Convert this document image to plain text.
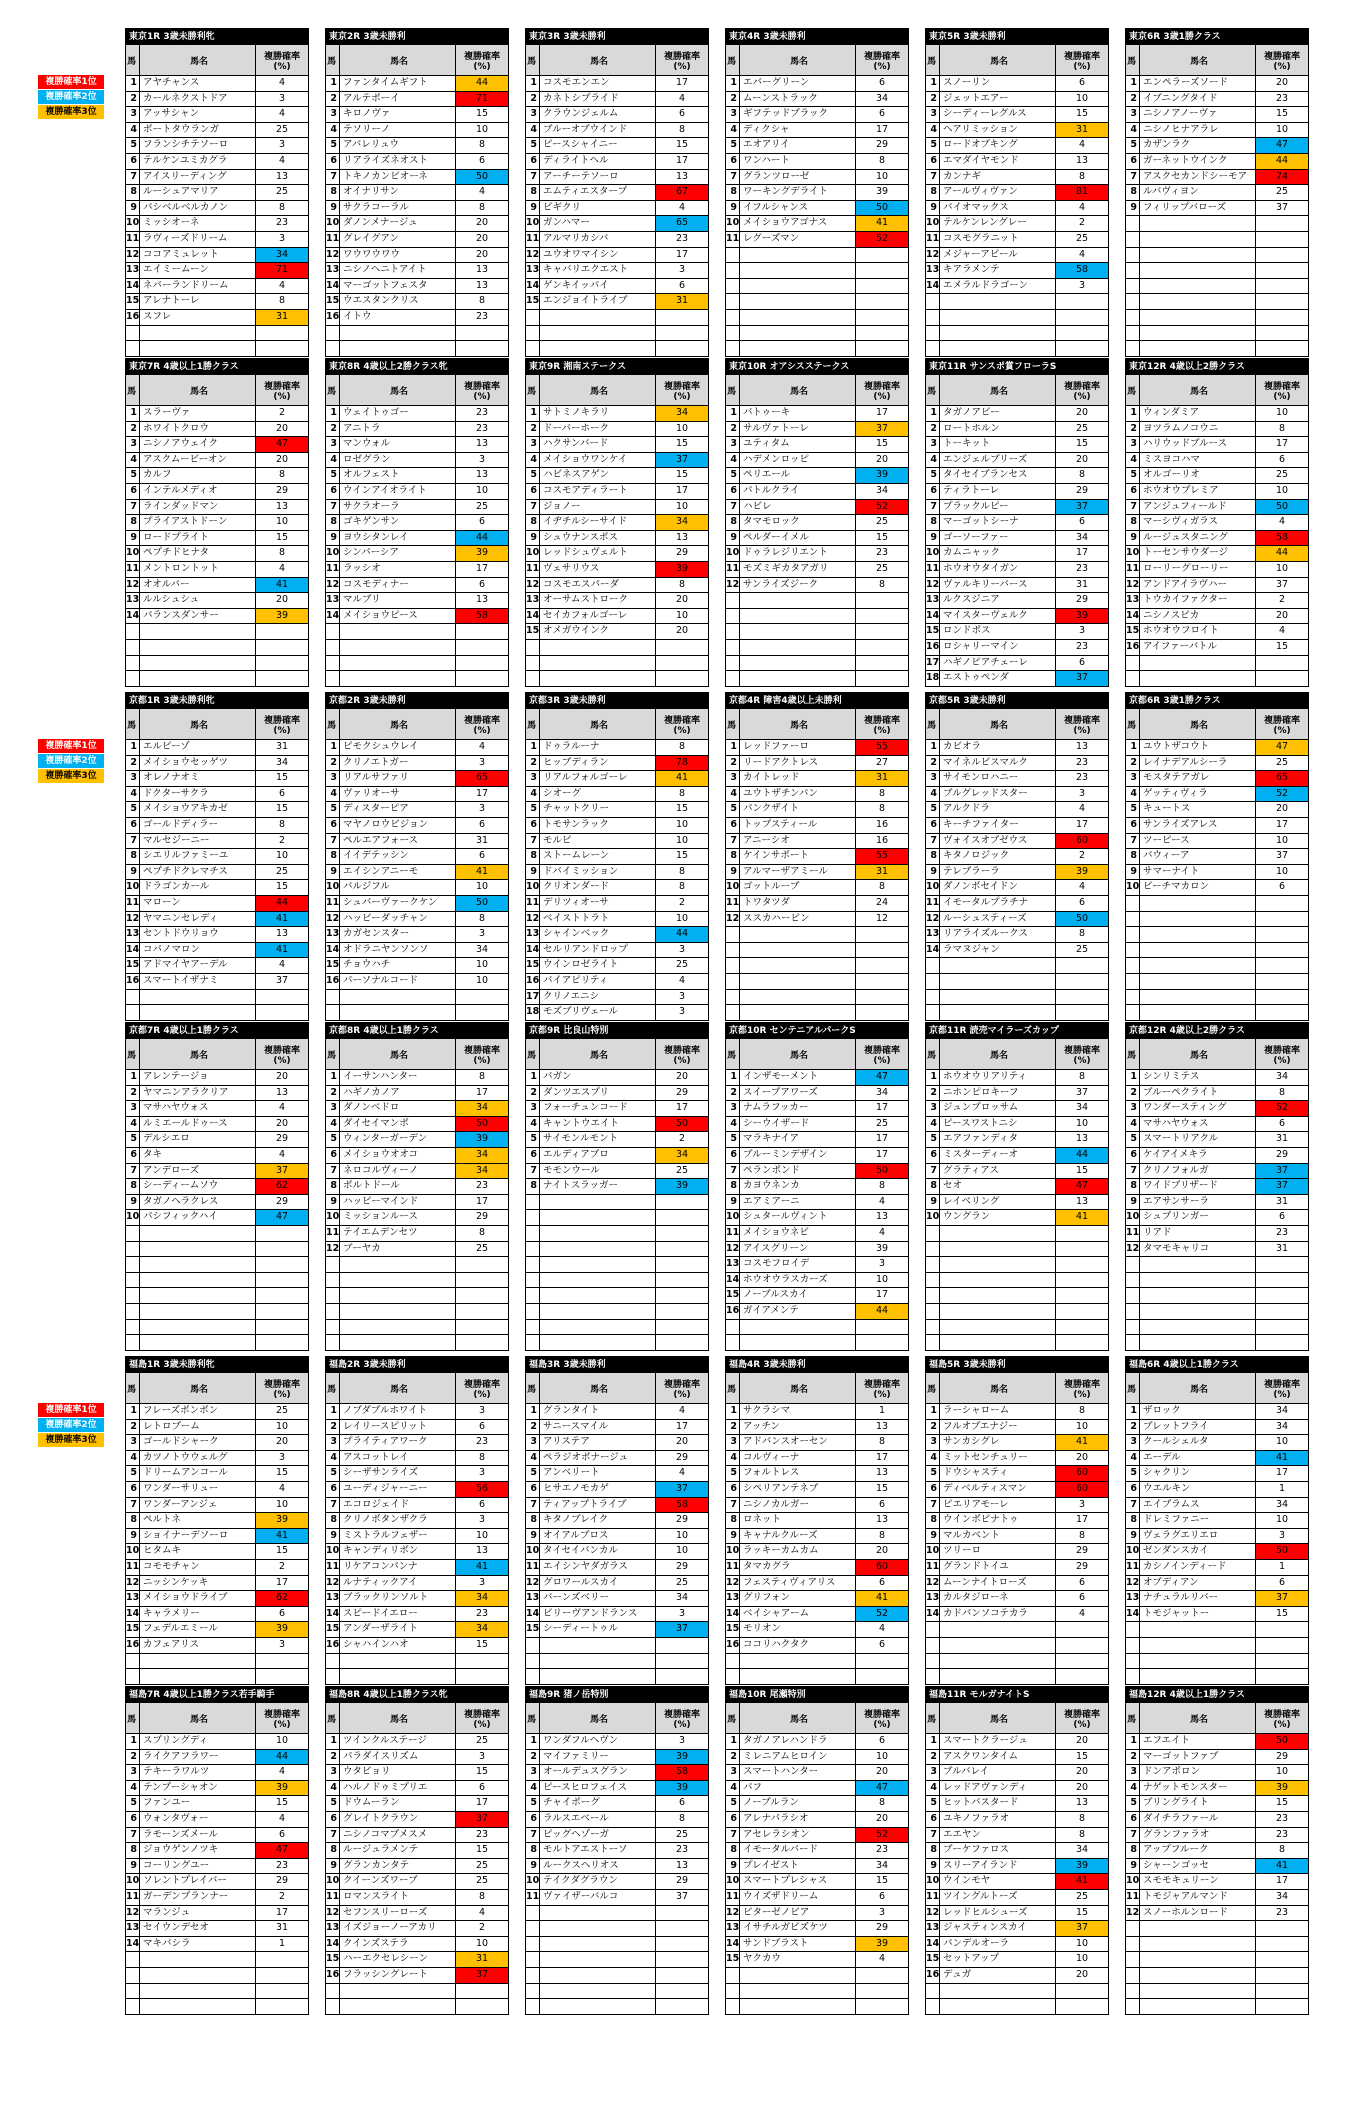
複勝確率1位
複勝確率2位
複勝確率3位
複勝確率1位
複勝確率2位
複勝確率3位
複勝確率1位
複勝確率2位
複勝確率3位
東京1R 3歳未勝利牝
馬	馬名	複勝確率
(%)
1 アヤチャンス	4
2 カールネクストドア	3
3 アッサシャン	4
4 ボートタウランガ	25
5 フランシチテソーロ	3
6 テルケンユミカグラ	4
7 アイスリーディング	13
8 ルーシュアマリア	25
9 パシベルベルカノン	8
10 ミッシオーネ	23
11 ラヴィーズドリーム	3
12 ココアミュレット	34
13 エイミームーン	71
14 ネバーランドリーム	4
15 アレナトーレ	8
16 スフレ	31
東京2R 3歳未勝利
馬	馬名	複勝確率
(%)
1 ファンタイムギフト	44
2 アルテボーイ	71
3 キロノヴァ	15
4 テソリーノ	10
5 アバレリュウ	8
6 リアライズネオスト	6
7 トキノカンピオーネ	50
8 オイナリサン	4
9 サクラコーラル	8
10 ダノンメナージュ	20
11 グレイグアン	20
12 ワウワウワウ	20
13 ニシノヘニトアイト	13
14 マーゴットフェスタ	13
15 ウエスタンクリス	8
16 イトウ	23
東京3R 3歳未勝利
馬	馬名	複勝確率
(%)
1 コスモエンエン	17
2 カネトシプライド	4
3 クラウンジェルム	6
4 ブルーオブウインド	8
5 ピースシャイニー	15
6 ディライトヘル	17
7 アーチーテソーロ	13
8 エムティエスタープ	67
9 ビギクリ	4
10 ガンハマー	65
11 アルマリカシバ	23
12 ユウオワマイシン	17
13 キャバリエクエスト	3
14 ゲンキイッパイ	6
15 エンジョイトライブ	31
東京4R 3歳未勝利
馬	馬名	複勝確率
(%)
1 エバーグリーン	6
2 ムーンストラック	34
3 ギフテッドブラック	6
4 ディクシャ	17
5 エオアリイ	29
6 ワンハート	8
7 グランツローゼ	10
8 ワーキングデライト	39
9 イフルシャンス	50
10 メイショウアゴナス	41
11 レグーズマン	52
東京5R 3歳未勝利
馬	馬名	複勝確率
(%)
1 スノーリン	6
2 ジェットエアー	10
3 シーディーレグルス	15
4 ヘアリミッション	31
5 ロードオブキング	4
6 エマダイヤモンド	13
7 カンナギ	8
8 アールヴィヴァン	81
9 バイオマックス	4
10 テルケンレングレー	2
11 コスモグラニット	25
12 メジャーアビール	4
13 キアラメンテ	58
14 エメラルドラゴーン	3
東京6R 3歳1勝クラス
馬	馬名	複勝確率
(%)
1 エンペラーズソード	20
2 イブニングタイド	23
3 ニシノアノーヴァ	15
4 ニシノヒナアラレ	10
5 カザンラク	47
6 ガーネットウインク	44
7 アスクセカンドシーモア	74
8 ルバヴィヨン	25
9 フィリップバローズ	37
東京7R 4歳以上1勝クラス
馬	馬名	複勝確率
(%)
1 スラーヴァ	2
2 ホワイトクロウ	20
3 ニシノアウェイク	47
4 アスクムービーオン	20
5 カルフ	8
6 インテルメディオ	29
7 ラインダッドマン	13
8 プライアストドーン	10
9 ロードプライト	15
10 ペプチドヒナタ	8
11 メントロントット	4
12 オオルバー	41
13 ルルシュシュ	20
14 パランスダンサー	39
東京8R 4歳以上2勝クラス牝
馬	馬名	複勝確率
(%)
1 ウェイトゥゴー	23
2 アニトラ	23
3 マンウォル	13
4 ロゼグラン	3
5 オルフェスト	13
6 ウインアイオライト	10
7 サクラオーラ	25
8 ゴキゲンサン	6
9 ヨウシタンレイ	44
10 シンパーシア	39
11 ラッシオ	17
12 コスモディナー	6
13 マルブリ	13
14 メイショウピース	58
東京9R 湘南ステークス
馬	馬名	複勝確率
(%)
1 サトミノキラリ	34
2 ドーバーホーク	10
3 ハクサンバード	15
4 メイショウワンケイ	37
5 ハビネスアゲン	15
6 コスモアディラート	17
7 ジョノー	10
8 イヂチルシーサイド	34
9 シュウナンスポス	13
10 レッドシュヴェルト	29
11 ヴェサリウス	39
12 コスモエスパーダ	8
13 オーサムストローク	20
14 セイカフォルゴーレ	10
15 オメガウインク	20
東京10R オアシスステークス
馬	馬名	複勝確率
(%)
1 バトゥーキ	17
2 サルヴァトーレ	37
3 ユティタム	15
4 ハデメンロッピ	20
5 ペリエール	39
6 パトルクライ	34
7 ハビレ	52
8 タマモロック	25
9 ペルダーイメル	15
10 ドゥラレジリエント	23
11 モズミギカタアガリ	25
12 サンライズジーク	8
東京11R サンスポ賞フローラS
馬	馬名	複勝確率
(%)
1 タガノアビー	20
2 ロートホルン	25
3 トーキット	15
4 エンジェルブリーズ	20
5 タイセイブランセス	8
6 ティラトーレ	29
7 プラックルピー	37
8 マーゴットシーナ	6
9 ゴーソーファー	34
10 カムニャック	17
11 ホウオウタイガン	23
12 ヴァルキリーバース	31
13 ルクスジニア	29
14 マイスターヴェルク	39
15 ロンドボス	3
16 ロシャリーマイン	23
17 ハギノピアチェーレ	6
18 エストゥペンダ	37
東京12R 4歳以上2勝クラス
馬	馬名	複勝確率
(%)
1 ウィンダミア	10
2 ヨツラムノコウニ	8
3 ハリウッドブルース	17
4 ミスヨコハマ	6
5 オルゴーリオ	25
6 ホウオウプレミア	10
7 アンジュフィールド	50
8 マーシヴィガラス	4
9 ルージュスタニング	58
10 トーセンサウダージ	44
11 ローリーグローリー	10
12 アンドアイラヴハー	37
13 トウカイファクター	2
14 ニシノスピカ	20
15 ホウオウフロイト	4
16 アイファーバトル	15
京都1R 3歳未勝利牝
馬	馬名	複勝確率
(%)
1 エルピーゾ	31
2 メイショウセッゲツ	34
3 オレノナオミ	15
4 ドクターサクラ	6
5 メイショウアキカゼ	15
6 ゴールドディラー	8
7 マルセジーニー	2
8 シエリルファミーユ	10
9 ペプチドクレマチス	25
10 ドラゴンカール	15
11 マローン	44
12 ヤマニンセレディ	41
13 セントドウリョウ	13
14 コパノマロン	41
15 アドマイヤアーデル	4
16 スマートイザナミ	37
京都2R 3歳未勝利
馬	馬名	複勝確率
(%)
1 ピモクシュウレイ	4
2 クリノエトガー	3
3 リアルサファリ	65
4 ヴァリオーサ	17
5 ディスターピア	3
6 マヤノロウビジョン	6
7 ペルエアフォース	31
8 イイデテッシン	6
9 エイシンアニーモ	41
10 バルジフル	10
11 シュバーヴァークケン	50
12 ハッピーダッチャン	8
13 カガセンスター	3
14 オドラニヤンソンソ	34
15 チョウハチ	10
16 パーソナルコード	10
京都3R 3歳未勝利
馬	馬名	複勝確率
(%)
1 ドゥラルーナ	8
2 ヒッブディラン	78
3 リアルフォルゴーレ	41
4 シオーグ	8
5 チャットクリー	15
6 トモサンラック	10
7 モルピ	10
8 ストームレーン	15
9 ドバイミッション	8
10 クリオンダード	8
11 デリツィオーサ	2
12 ベイストトラト	10
13 シャインベック	44
14 セルリアンドロップ	3
15 ウインロゼライト	25
16 バイアピリティ	4
17 クリノエニシ	3
18 モズブリヴェール	3
京都4R 障害4歳以上未勝利
馬	馬名	複勝確率
(%)
1 レッドファーロ	55
2 リードアクトレス	27
3 カイトレッド	31
4 ユウトザチンパン	8
5 パンクザイト	8
6 トップスティール	16
7 アニーシオ	16
8 ケインサポート	55
9 アルマーザアミール	31
10 ゴットルーブ	8
11 トワタツダ	24
12 ススカハービン	12
京都5R 3歳未勝利
馬	馬名	複勝確率
(%)
1 カビオラ	13
2 マイネルビスマルク	23
3 サイモンロハニー	23
4 ブルグレッドスター	3
5 アルクドラ	4
6 キーチファイター	17
7 ヴォイスオブゼウス	60
8 キタノロジック	2
9 テレブラーラ	39
10 ダノンボセイドン	4
11 イモータルプラチナ	6
12 ルーシュスティーズ	50
13 リアライズルークス	8
14 ラマヌジャン	25
京都6R 3歳1勝クラス
馬	馬名	複勝確率
(%)
1 ユウトザコウト	47
2 レイナデアルシーラ	25
3 モスタテアガレ	65
4 ゲッティヴィラ	52
5 キュートス	20
6 サンライズアレス	17
7 ツーピース	10
8 バウィーア	37
9 サマーナイト	10
10 ビーチマカロン	6
京都7R 4歳以上1勝クラス
馬	馬名	複勝確率
(%)
1 アレンテージョ	20
2 ヤマニンアラクリア	13
3 マサハヤウォス	4
4 ルミエールドゥース	20
5 デルシエロ	29
6 タキ	4
7 アンデローズ	37
8 シーディームソウ	62
9 タガノヘラクレス	29
10 パシフィックハイ	47
京都8R 4歳以上1勝クラス
馬	馬名	複勝確率
(%)
1 イーサンハンター	8
2 ハギノカノア	17
3 ダノンベドロ	34
4 ダイセイマンボ	50
5 ウィンターガーデン	39
6 メイショウオオコ	34
7 ネロコルヴィーノ	34
8 ボルトドール	23
9 ハッピーマインド	17
10 ミッションルース	29
11 テイエムデンセツ	8
12 ブーヤカ	25
京都9R 比良山特別
馬	馬名	複勝確率
(%)
1 バガン	20
2 ダンツエスプリ	29
3 フォーチュンコード	17
4 キャントウエイト	50
5 サイモンルモント	2
6 エルディアブロ	34
7 モモンウール	25
8 ナイトスラッガー	39
京都10R センテニアルパークS
馬	馬名	複勝確率
(%)
1 インザモーメント	47
2 スイープアワーズ	34
3 ナムラフッカー	17
4 シーウイザード	25
5 マラキナイア	17
6 ブルーミンデザイン	17
7 ペランポンド	50
8 カヨウネンカ	8
9 エアミアーニ	4
10 シュタールヴィント	13
11 メイショウネビ	4
12 アイスグリーン	39
13 コスモフロイデ	3
14 ホウオウラスカーズ	10
15 ノーブルスカイ	17
16 ガイアメンテ	44
京都11R 読売マイラーズカップ
馬	馬名	複勝確率
(%)
1 ホウオウリアリティ	8
2 ニホンピロキーフ	37
3 ジュンプロッサム	34
4 ピースワストニシ	10
5 エアファンディタ	13
6 ミスターディーオ	44
7 グラティアス	15
8 セオ	47
9 レイベリング	13
10 ウングラン	41
京都12R 4歳以上2勝クラス
馬	馬名	複勝確率
(%)
1 シンリミテス	34
2 ブルーペクライト	8
3 ワンダースティング	52
4 マサハヤウォス	6
5 スマートリアクル	31
6 ケイアイメキラ	29
7 クリノフォルガ	37
8 ワイドブリザード	37
9 エアサンサーラ	31
10 シュプリンガー	6
11 リアド	23
12 タマモキャリコ	31
福島1R 3歳未勝利牝
馬	馬名	複勝確率
(%)
1 フレーズボンボン	25
2 レトロブーム	10
3 ゴールドシャーク	20
4 カツノトウウェルグ	3
5 ドリームアンコール	15
6 ワンダーサリュー	4
7 ワンダーアンジェ	10
8 ペルトネ	39
9 ショイナーデソーロ	41
10 ヒタムキ	15
11 コモモチャン	2
12 ニッシンケッキ	17
13 メイショウドライブ	62
14 キャラメリー	6
15 フェデルエミール	39
16 カフェアリス	3
福島2R 3歳未勝利
馬	馬名	複勝確率
(%)
1 ノブダブルホワイト	3
2 レイリースピリット	6
3 プライティアワーク	23
4 アスコットレイ	8
5 シーザサンライズ	3
6 ユーディジャーニー	56
7 エコロジェイド	6
8 クリノボタンザクラ	3
9 ミストラルフェザー	10
10 キャンディリボン	13
11 リケアコンパンナ	41
12 ルナティックアイ	3
13 ブラックリンソルト	34
14 スピードイエロー	23
15 アンダーザライト	34
16 シャハインハオ	15
福島3R 3歳未勝利
馬	馬名	複勝確率
(%)
1 グランタイト	4
2 サニースマイル	17
3 アリステア	20
4 ペラジオボナージュ	29
5 アンベリート	4
6 ヒサエノモカゲ	37
7 ティアップトライブ	58
8 キタノブレイク	29
9 オイアルブロス	10
10 タイセイバンカル	10
11 エイシンヤダガラス	29
12 グロワールスカイ	25
13 バーンズベリー	34
14 ビリーヴアンドランス	3
15 シーディートゥル	37
福島4R 3歳未勝利
馬	馬名	複勝確率
(%)
1 サクラシマ	1
2 アッチン	13
3 アドバンスオーセン	8
4 コルヴィーナ	17
5 フォルトレス	13
6 シペリアンテネブ	15
7 ニシノカルガー	6
8 ロネット	13
9 キャナルクルーズ	8
10 ラッキーカムカム	20
11 タマカグラ	60
12 フェスティヴィアリス	6
13 グリフォン	41
14 ベイシャアーム	52
15 モリオン	4
16 ココリハクタク	6
福島5R 3歳未勝利
馬	馬名	複勝確率
(%)
1 ラーシャローム	8
2 フルオブエナジー	10
3 サンカシグレ	41
4 ミットセンチュリー	20
5 ドウシャスティ	60
6 ディベルティスマン	60
7 ピエリアモーレ	3
8 ウインボビナトゥ	17
9 マルカベント	8
10 ツリーロ	29
11 グランドトイユ	29
12 ムーンナイトローズ	6
13 カルタジローネ	6
14 カドバンソコテカラ	4
福島6R 4歳以上1勝クラス
馬	馬名	複勝確率
(%)
1 ザロック	34
2 ブレットフライ	34
3 クールシェルタ	10
4 エーデル	41
5 シャクリン	17
6 ウエルキン	1
7 エイブラムス	34
8 ドレミファニー	10
9 ヴェラグエリエロ	3
10 ゼンダンスカイ	50
11 カシノインディード	1
12 オブディアン	6
13 ナチュラルリバー	37
14 トモジャットー	15
福島7R 4歳以上1勝クラス若手騎手
馬	馬名	複勝確率
(%)
1 スプリングディ	10
2 ライクアフラワー	44
3 テキーラワルツ	4
4 テンプーシャオン	39
5 ファンユー	15
6 ウォンタヴォー	4
7 ラモーンズメール	6
8 ジョウゲンノツキ	47
9 コーリングユー	23
10 ソレントプレイバー	29
11 ガーデンプランナー	2
12 マランジュ	17
13 セイウンデセオ	31
14 マキバシラ	1
福島8R 4歳以上1勝クラス牝
馬	馬名	複勝確率
(%)
1 ツインクルステージ	25
2 パラダイスリズム	3
3 ウタビョリ	15
4 ハルノドゥミプリエ	6
5 ドウムーラン	17
6 グレイトクラウン	37
7 ニシノコマブメスメ	23
8 ルージュラメンテ	15
9 グランカンタテ	25
10 クイーンズワーブ	25
11 ロマンスライト	8
12 セフンスリーローズ	4
13 イズジョーノーアカリ	2
14 クインズステラ	10
15 ハーエクセレシーン	31
16 フラッシングレート	37
福島9R 猪ノ岳特別
馬	馬名	複勝確率
(%)
1 ワンダフルヘヴン	3
2 マイファミリー	39
3 オールデュスグラン	58
4 ピースヒロフェイス	39
5 チャイボーグ	6
6 ラルスエベール	8
7 ピッグヘゾーガ	25
8 モルトアエストーソ	23
9 ルークスヘリオス	13
10 テイクダグラウン	29
11 ヴァイザーバルコ	37
福島10R 尾瀬特別
馬	馬名	複勝確率
(%)
1 タガノアレハンドラ	6
2 ミレニアムヒロイン	10
3 スマートハンター	20
4 パフ	47
5 ノーブルラン	8
6 アレナパラシオ	20
7 アセレラシオン	52
8 イモータルバード	23
9 プレイゼスト	34
10 スマートプレシャス	15
11 ウイズザドリーム	6
12 ビターゼノビア	3
13 イサチルガビズケツ	29
14 サンドブラスト	39
15 ヤクカウ	4
福島11R モルガナイトS
馬	馬名	複勝確率
(%)
1 スマートクラージュ	20
2 アスクワンタイム	15
3 ブルバレイ	20
4 レッドアヴァンディ	20
5 ヒットバスタード	13
6 ユキノファラオ	8
7 エエヤン	8
8 ブーケファロス	34
9 スリーアイランド	39
10 ウインモヤ	41
11 ツイングルトーズ	25
12 レッドヒルシューズ	15
13 ジャスティンスカイ	37
14 パンデルオーラ	10
15 セットアップ	10
16 デュガ	20
福島12R 4歳以上1勝クラス
馬	馬名	複勝確率
(%)
1 エフエイト	50
2 マーゴットファブ	29
3 ドンアポロン	10
4 ナゲットモンスター	39
5 ブリングライト	15
6 ダイチラファール	23
7 グランファラオ	23
8 アップフルーク	8
9 シャーンゴッセ	41
10 スモモキュリーン	17
11 トモジャアルマンド	34
12 スノーホルンロード	23
